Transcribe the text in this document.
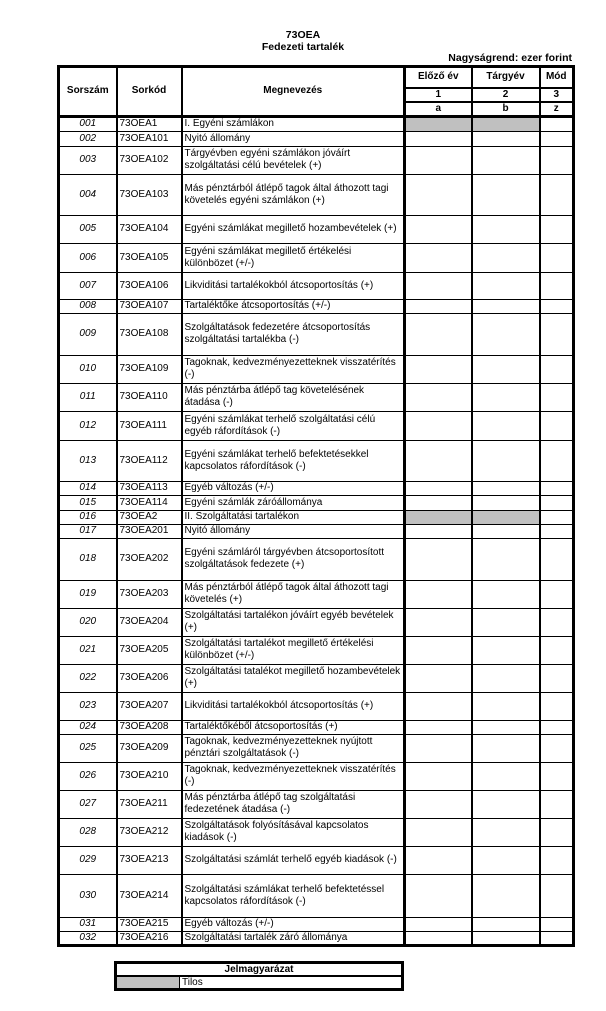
73OEA
Fedezeti tartalék
Nagyságrend: ezer forint
Sorszám	Sorkód	Megnevezés	Előző év	Tárgyév	Mód
			1	2	3
			a	b	z
001	73OEA1	I. Egyéni számlákon			
002	73OEA101	Nyitó állomány			
003	73OEA102	Tárgyévben egyéni számlákon jóváírt szolgáltatási célú bevételek (+)			
004	73OEA103	Más pénztárból átlépő tagok által áthozott tagi követelés egyéni számlákon (+)			
005	73OEA104	Egyéni számlákat megillető hozambevételek (+)			
006	73OEA105	Egyéni számlákat megillető értékelési különbözet (+/-)			
007	73OEA106	Likviditási tartalékokból átcsoportosítás (+)			
008	73OEA107	Tartaléktőke átcsoportosítás (+/-)			
009	73OEA108	Szolgáltatások fedezetére átcsoportosítás szolgáltatási tartalékba (-)			
010	73OEA109	Tagoknak, kedvezményezetteknek visszatérítés (-)			
011	73OEA110	Más pénztárba átlépő tag követelésének átadása (-)			
012	73OEA111	Egyéni számlákat terhelő szolgáltatási célú egyéb ráfordítások (-)			
013	73OEA112	Egyéni számlákat terhelő befektetésekkel kapcsolatos ráfordítások (-)			
014	73OEA113	Egyéb változás (+/-)			
015	73OEA114	Egyéni számlák záróállománya			
016	73OEA2	II. Szolgáltatási tartalékon			
017	73OEA201	Nyitó állomány			
018	73OEA202	Egyéni számláról tárgyévben átcsoportosított szolgáltatások fedezete (+)			
019	73OEA203	Más pénztárból átlépő tagok által áthozott tagi követelés (+)			
020	73OEA204	Szolgáltatási tartalékon jóváírt egyéb bevételek (+)			
021	73OEA205	Szolgáltatási tartalékot megillető értékelési különbözet (+/-)			
022	73OEA206	Szolgáltatási tatalékot megillető hozambevételek (+)			
023	73OEA207	Likviditási tartalékokból átcsoportosítás (+)			
024	73OEA208	Tartaléktőkéből átcsoportosítás (+)			
025	73OEA209	Tagoknak, kedvezményezetteknek nyújtott pénztári szolgáltatások (-)			
026	73OEA210	Tagoknak, kedvezményezetteknek visszatérítés (-)			
027	73OEA211	Más pénztárba átlépő tag szolgáltatási fedezetének átadása (-)			
028	73OEA212	Szolgáltatások folyósításával kapcsolatos kiadások (-)			
029	73OEA213	Szolgáltatási számlát terhelő egyéb kiadások (-)			
030	73OEA214	Szolgáltatási számlákat terhelő befektetéssel kapcsolatos ráfordítások (-)			
031	73OEA215	Egyéb változás (+/-)			
032	73OEA216	Szolgáltatási tartalék záró állománya			
Jelmagyarázat
	Tilos
